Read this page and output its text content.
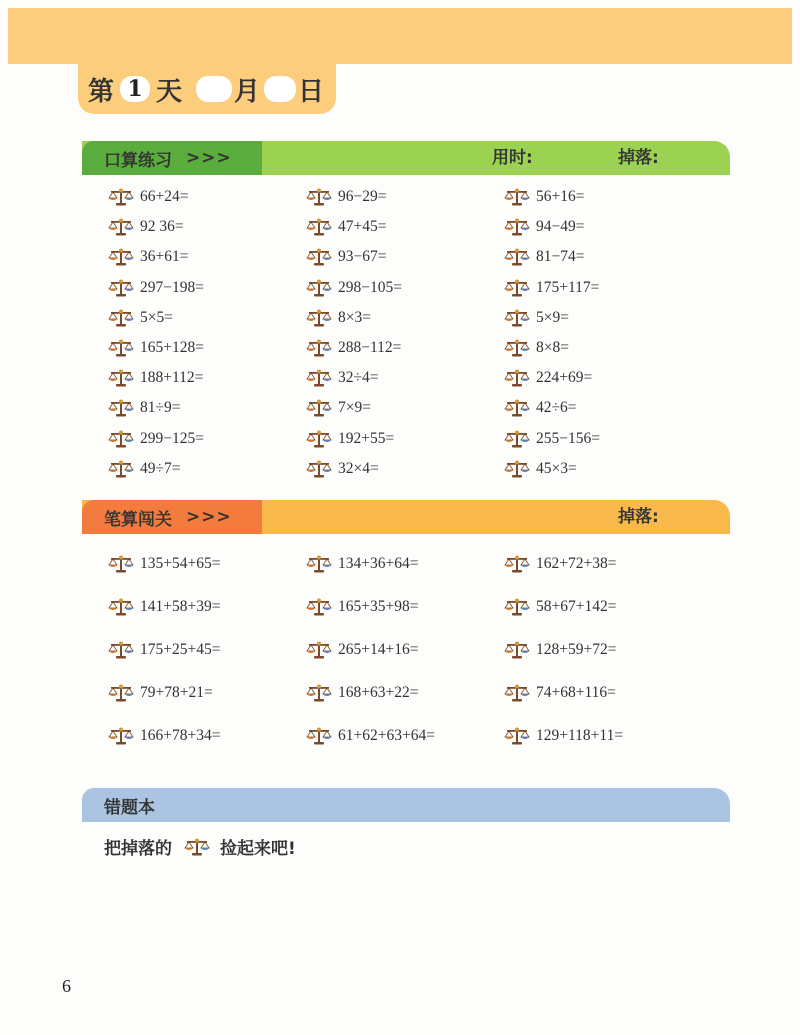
第 1 天 月 日
口算练习 >>>	用时:	掉落:
66+24=	96−29=	56+16=
92 36=	47+45=	94−49=
36+61=	93−67=	81−74=
297−198=	298−105=	175+117=
5×5=	8×3=	5×9=
165+128=	288−112=	8×8=
188+112=	32÷4=	224+69=
81÷9=	7×9=	42÷6=
299−125=	192+55=	255−156=
49÷7=	32×4=	45×3=
笔算闯关 >>>	掉落:
135+54+65=	134+36+64=	162+72+38=
141+58+39=	165+35+98=	58+67+142=
175+25+45=	265+14+16=	128+59+72=
79+78+21=	168+63+22=	74+68+116=
166+78+34=	61+62+63+64=	129+118+11=
错题本
把掉落的	捡起来吧!
6
